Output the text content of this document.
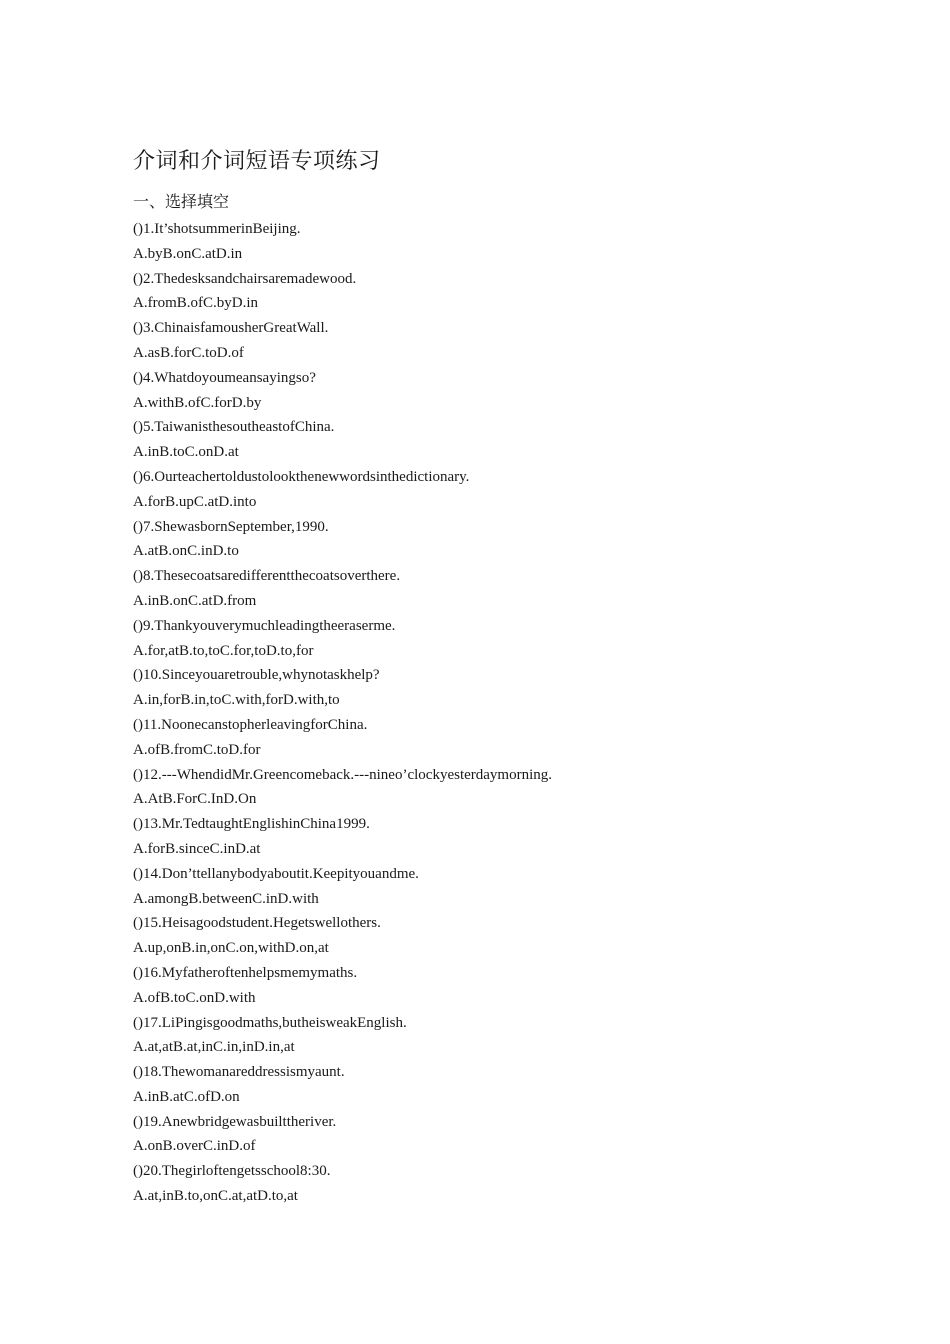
介词和介词短语专项练习
一、选择填空
()1.It’shotsummerinBeijing.
A.byB.onC.atD.in
()2.Thedesksandchairsaremadewood.
A.fromB.ofC.byD.in
()3.ChinaisfamousherGreatWall.
A.asB.forC.toD.of
()4.Whatdoyoumeansayingso?
A.withB.ofC.forD.by
()5.TaiwanisthesoutheastofChina.
A.inB.toC.onD.at
()6.Ourteachertoldustolookthenewwordsinthedictionary.
A.forB.upC.atD.into
()7.ShewasbornSeptember,1990.
A.atB.onC.inD.to
()8.Thesecoatsaredifferentthecoatsoverthere.
A.inB.onC.atD.from
()9.Thankyouverymuchleadingtheeraserme.
A.for,atB.to,toC.for,toD.to,for
()10.Sinceyouaretrouble,whynotaskhelp?
A.in,forB.in,toC.with,forD.with,to
()11.NoonecanstopherleavingforChina.
A.ofB.fromC.toD.for
()12.---WhendidMr.Greencomeback.---nineo’clockyesterdaymorning.
A.AtB.ForC.InD.On
()13.Mr.TedtaughtEnglishinChina1999.
A.forB.sinceC.inD.at
()14.Don’ttellanybodyaboutit.Keepityouandme.
A.amongB.betweenC.inD.with
()15.Heisagoodstudent.Hegetswellothers.
A.up,onB.in,onC.on,withD.on,at
()16.Myfatheroftenhelpsmemymaths.
A.ofB.toC.onD.with
()17.LiPingisgoodmaths,butheisweakEnglish.
A.at,atB.at,inC.in,inD.in,at
()18.Thewomanareddressismyaunt.
A.inB.atC.ofD.on
()19.Anewbridgewasbuilttheriver.
A.onB.overC.inD.of
()20.Thegirloftengetsschool8:30.
A.at,inB.to,onC.at,atD.to,at
